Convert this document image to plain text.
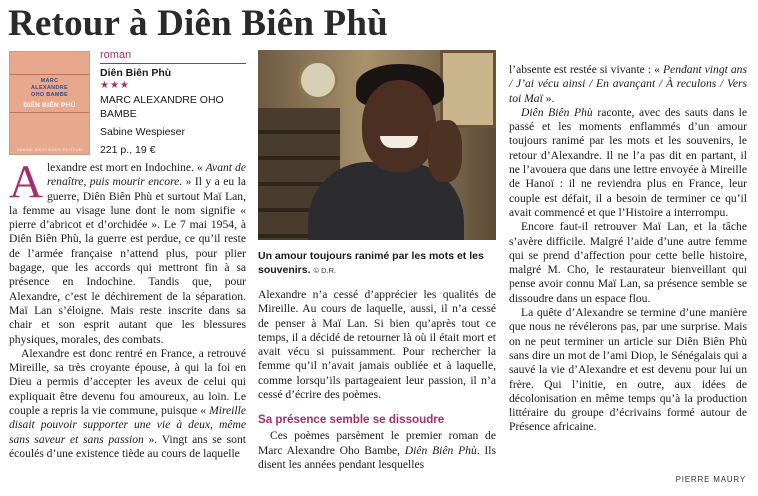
Retour à Diên Biên Phù
MARC
ALEXANDRE
OHO BAMBE
DIÊN BIÊN PHÙ
SABINE WESPIESER ÉDITEUR
roman
Diên Biên Phù
★★★
MARC ALEXANDRE OHO BAMBE
Sabine Wespieser
221 p., 19 €

Alexandre est mort en Indochine. « Avant de renaître, puis mourir encore. » Il y a eu la guerre, Diên Biên Phù et surtout Maï Lan, la femme au visage lune dont le nom signifie « pierre d’abricot et d’orchidée ». Le 7 mai 1954, à Diên Biên Phù, la guerre est perdue, ce qu’il reste de l’armée française n’attend plus, pour plier bagage, que les accords qui mettront fin à sa présence en Indochine. Tandis que, pour Alexandre, c’est le déchirement de la séparation. Maï Lan s’éloigne. Mais reste inscrite dans sa chair et son esprit autant que les blessures physiques, morales, des combats.

Alexandre est donc rentré en France, a retrouvé Mireille, sa très croyante épouse, à qui la foi en Dieu a permis d’accepter les aveux de celui qui expliquait être devenu fou amoureux, au loin. Le couple a repris la vie commune, puisque « Mireille disait pouvoir supporter une vie à deux, même sans saveur et sans passion ». Vingt ans se sont écoulés d’une existence tiède au cours de laquelle

Un amour toujours ranimé par les mots et les souvenirs. © D.R.

Alexandre n’a cessé d’apprécier les qualités de Mireille. Au cours de laquelle, aussi, il n’a cessé de penser à Maï Lan. Si bien qu’après tout ce temps, il a décidé de retourner là où il était mort et avait vécu si puissamment. Pour rechercher la femme qu’il n’avait jamais oubliée et à laquelle, comme lorsqu’ils partageaient leur passion, il n’a cessé d’écrire des poèmes.

Sa présence semble se dissoudre

Ces poèmes parsèment le premier roman de Marc Alexandre Oho Bambe, Diên Biên Phù. Ils disent les années pendant lesquelles

l’absente est restée si vivante : « Pendant vingt ans / J’ai vécu ainsi / En avançant / À reculons / Vers toi Maï ».

Diên Biên Phù raconte, avec des sauts dans le passé et les moments enflammés d’un amour toujours ranimé par les mots et les souvenirs, le retour d’Alexandre. Il ne l’a pas dit en partant, il ne l’avouera que dans une lettre envoyée à Mireille de Hanoï : il ne reviendra plus en France, leur couple est défait, il a besoin de terminer ce qu’il avait commencé et que l’Histoire a interrompu.

Encore faut-il retrouver Maï Lan, et la tâche s’avère difficile. Malgré l’aide d’une autre femme qui se prend d’affection pour cette belle histoire, malgré M. Cho, le restaurateur bienveillant qui pense avoir connu Maï Lan, sa présence semble se dissoudre dans un espace flou.

La quête d’Alexandre se termine d’une manière que nous ne révélerons pas, par une surprise. Mais on ne peut terminer un article sur Diên Biên Phù sans dire un mot de l’ami Diop, le Sénégalais qui a sauvé la vie d’Alexandre et est devenu pour lui un frère. Qui l’initie, en outre, aux idées de décolonisation en même temps qu’à la production littéraire du groupe d’écrivains formé autour de Présence africaine.

PIERRE MAURY
